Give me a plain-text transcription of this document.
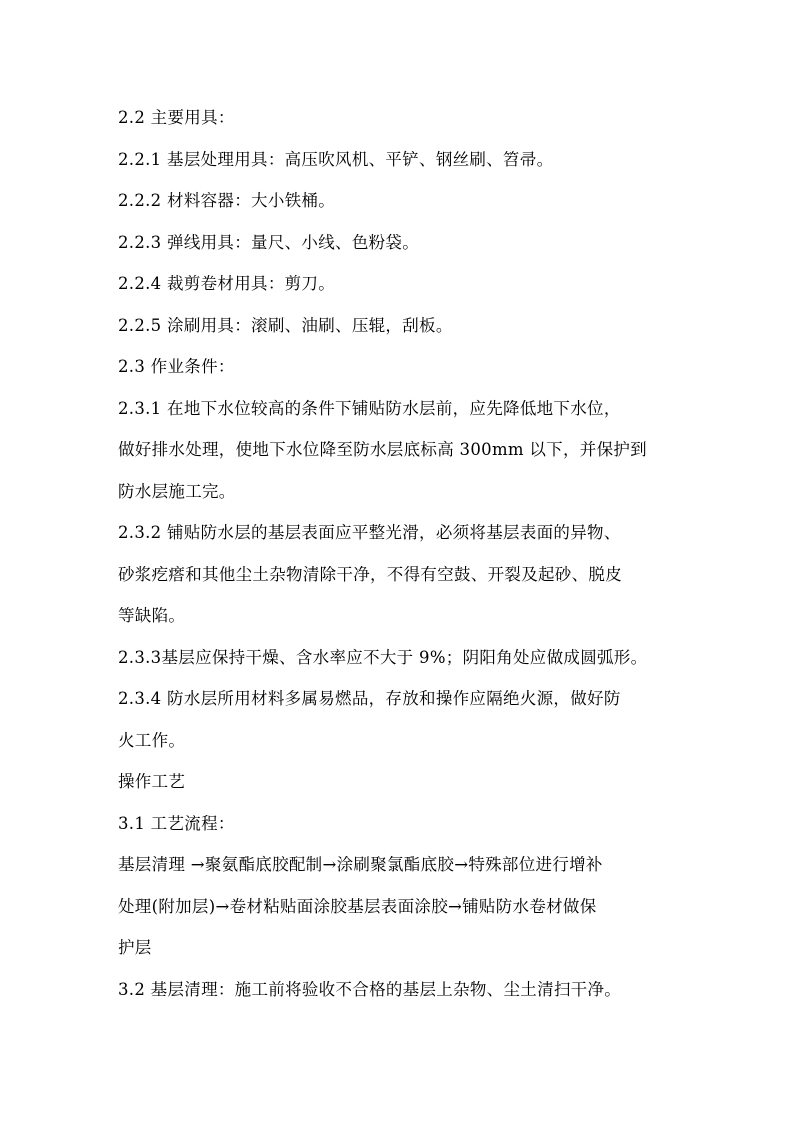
2.2 主要用具：
2.2.1 基层处理用具：高压吹风机、平铲、钢丝刷、笤帚。
2.2.2 材料容器：大小铁桶。
2.2.3 弹线用具：量尺、小线、色粉袋。
2.2.4 裁剪卷材用具：剪刀。
2.2.5 涂刷用具：滚刷、油刷、压辊，刮板。
2.3 作业条件：
2.3.1 在地下水位较高的条件下铺贴防水层前，应先降低地下水位，
做好排水处理，使地下水位降至防水层底标高 300mm 以下，并保护到
防水层施工完。
2.3.2 铺贴防水层的基层表面应平整光滑，必须将基层表面的异物、
砂浆疙瘩和其他尘土杂物清除干净，不得有空鼓、开裂及起砂、脱皮
等缺陷。
2.3.3基层应保持干燥、含水率应不大于 9%；阴阳角处应做成圆弧形。
2.3.4 防水层所用材料多属易燃品，存放和操作应隔绝火源，做好防
火工作。
操作工艺
3.1 工艺流程：
基层清理 →聚氨酯底胶配制→涂刷聚氯酯底胶→特殊部位进行增补
处理(附加层)→卷材粘贴面涂胶基层表面涂胶→铺贴防水卷材做保
护层
3.2 基层清理：施工前将验收不合格的基层上杂物、尘土清扫干净。
